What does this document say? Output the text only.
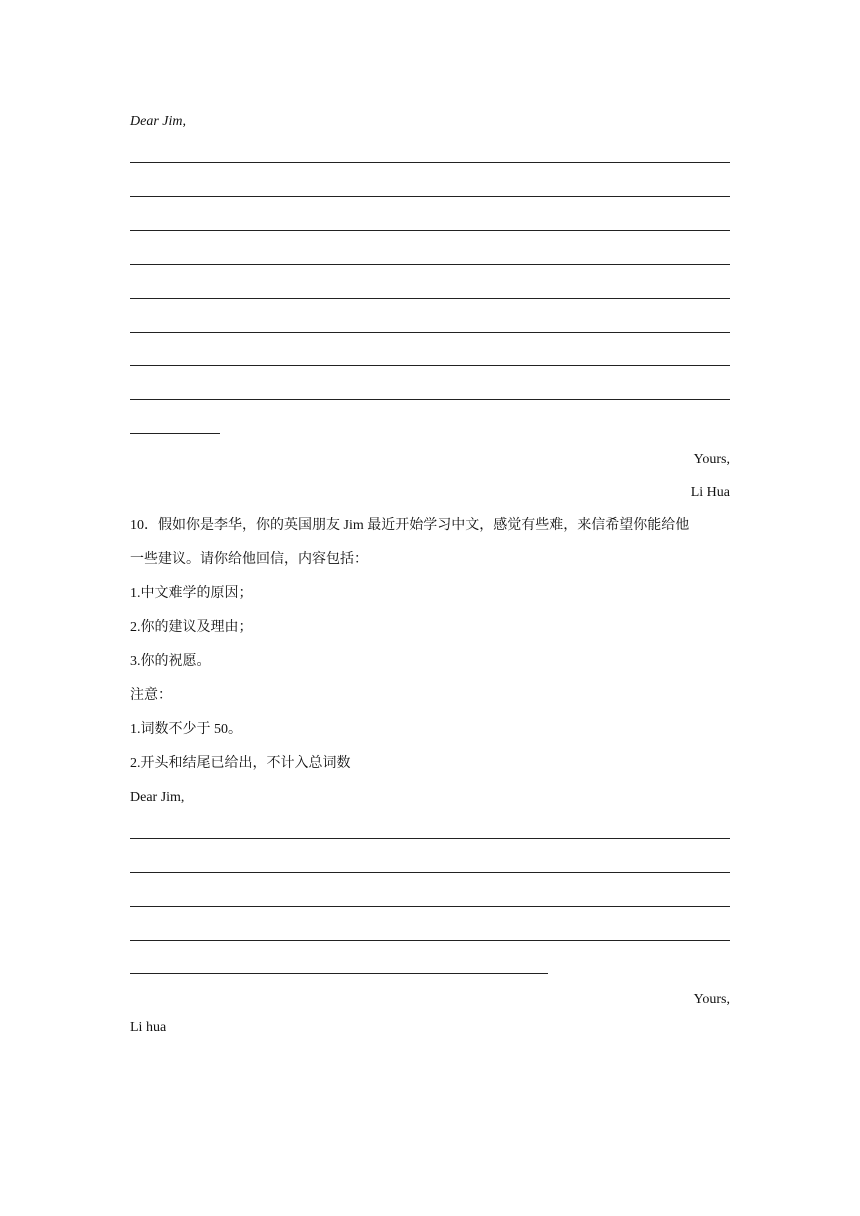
Dear Jim,
Yours,
Li Hua
10．假如你是李华，你的英国朋友 Jim 最近开始学习中文，感觉有些难，来信希望你能给他
一些建议。请你给他回信，内容包括：
1.中文难学的原因；
2.你的建议及理由；
3.你的祝愿。
注意：
1.词数不少于 50。
2.开头和结尾已给出，不计入总词数
Dear Jim,
Yours,
Li hua
